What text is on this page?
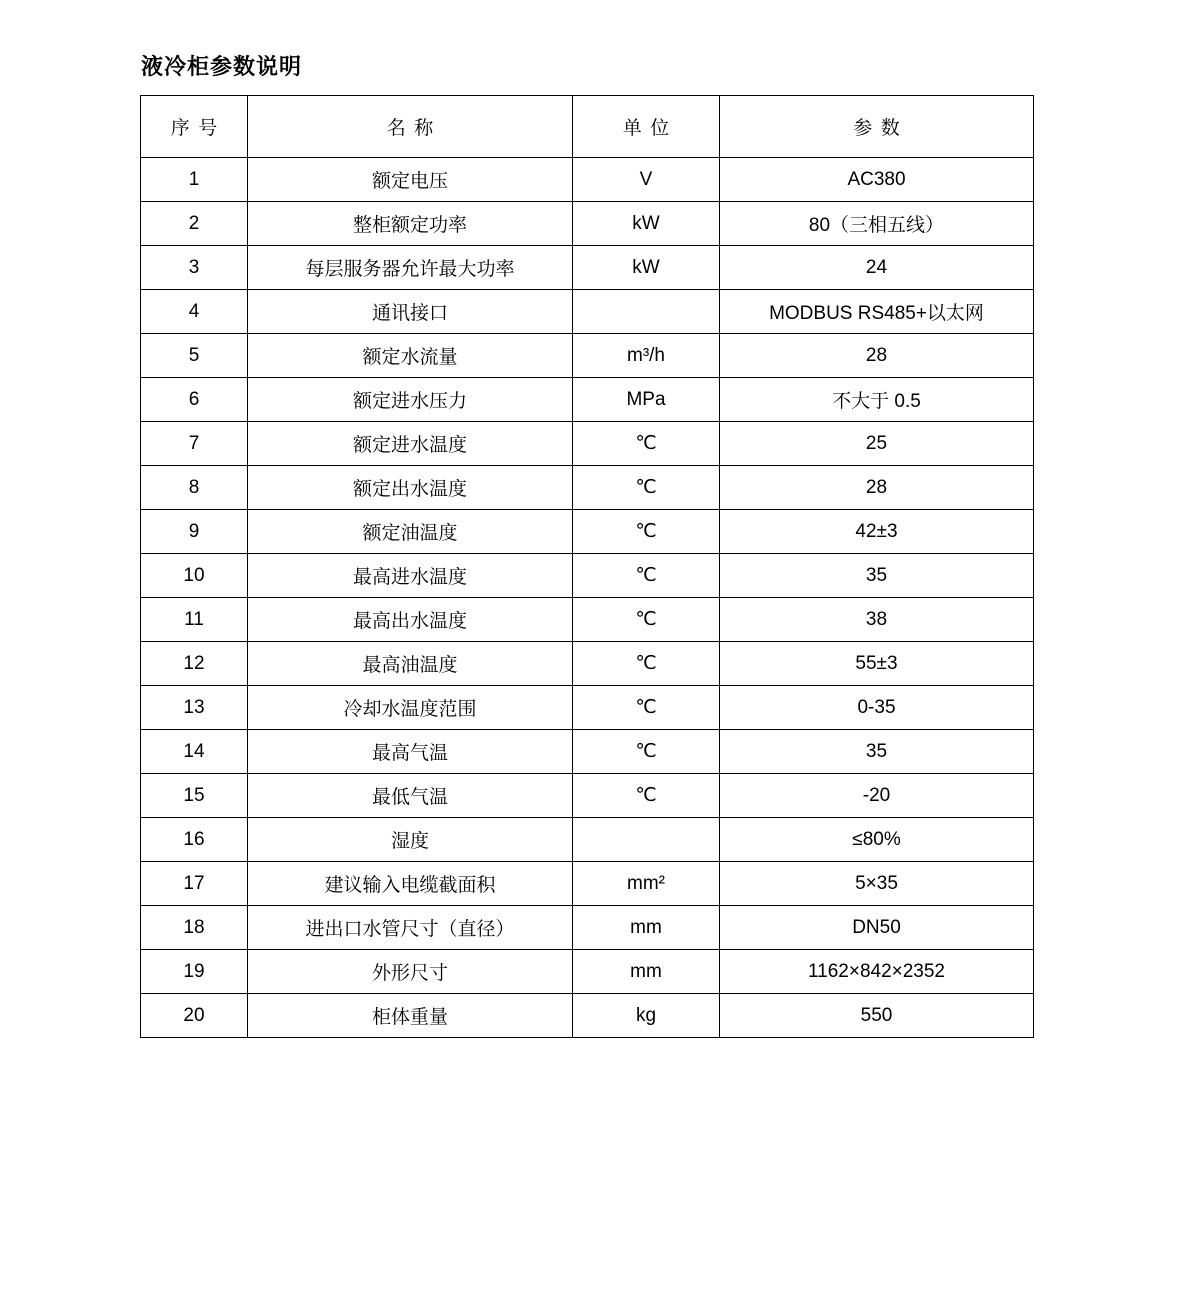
液冷柜参数说明
序号	名称	单位	参数
1	额定电压	V	AC380
2	整柜额定功率	kW	80（三相五线）
3	每层服务器允许最大功率	kW	24
4	通讯接口		MODBUS RS485+以太网
5	额定水流量	m³/h	28
6	额定进水压力	MPa	不大于 0.5
7	额定进水温度	℃	25
8	额定出水温度	℃	28
9	额定油温度	℃	42±3
10	最高进水温度	℃	35
11	最高出水温度	℃	38
12	最高油温度	℃	55±3
13	冷却水温度范围	℃	0-35
14	最高气温	℃	35
15	最低气温	℃	-20
16	湿度		≤80%
17	建议输入电缆截面积	mm²	5×35
18	进出口水管尺寸（直径）	mm	DN50
19	外形尺寸	mm	1162×842×2352
20	柜体重量	kg	550
